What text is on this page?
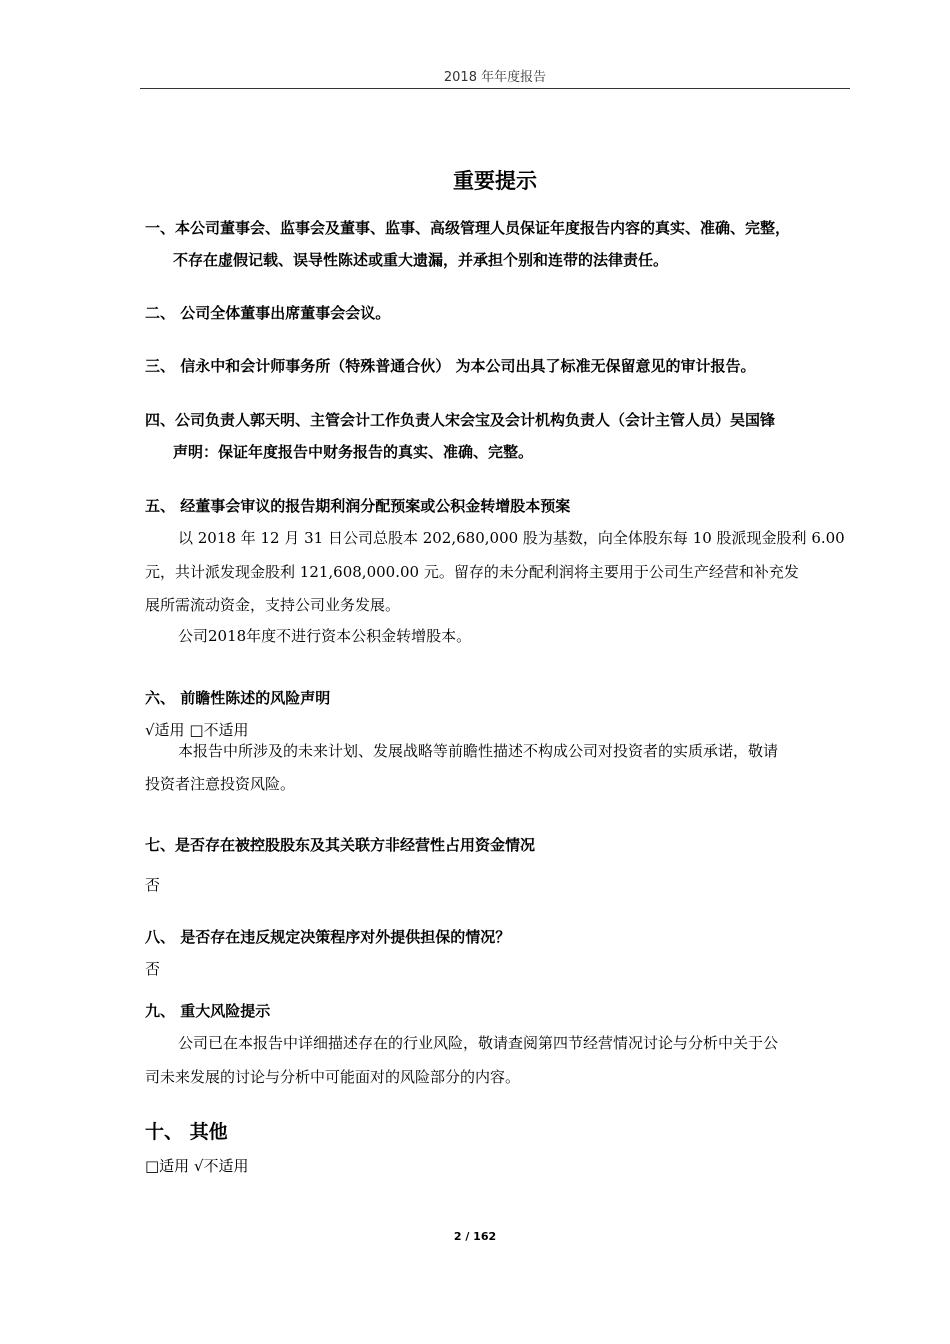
2018 年年度报告
重要提示
一、本公司董事会、监事会及董事、监事、高级管理人员保证年度报告内容的真实、准确、完整，
不存在虚假记载、误导性陈述或重大遗漏，并承担个别和连带的法律责任。
二、 公司全体董事出席董事会会议。
三、 信永中和会计师事务所（特殊普通合伙） 为本公司出具了标准无保留意见的审计报告。
四、公司负责人郭天明、主管会计工作负责人宋会宝及会计机构负责人（会计主管人员）吴国锋
声明：保证年度报告中财务报告的真实、准确、完整。
五、 经董事会审议的报告期利润分配预案或公积金转增股本预案
以 2018 年 12 月 31 日公司总股本 202,680,000 股为基数，向全体股东每 10 股派现金股利 6.00
元，共计派发现金股利 121,608,000.00 元。留存的未分配利润将主要用于公司生产经营和补充发
展所需流动资金，支持公司业务发展。
公司2018年度不进行资本公积金转增股本。
六、 前瞻性陈述的风险声明
√适用 □不适用
本报告中所涉及的未来计划、发展战略等前瞻性描述不构成公司对投资者的实质承诺，敬请
投资者注意投资风险。
七、是否存在被控股股东及其关联方非经营性占用资金情况
否
八、 是否存在违反规定决策程序对外提供担保的情况？
否
九、 重大风险提示
公司已在本报告中详细描述存在的行业风险，敬请查阅第四节经营情况讨论与分析中关于公
司未来发展的讨论与分析中可能面对的风险部分的内容。
十、 其他
□适用 √不适用
2 / 162
